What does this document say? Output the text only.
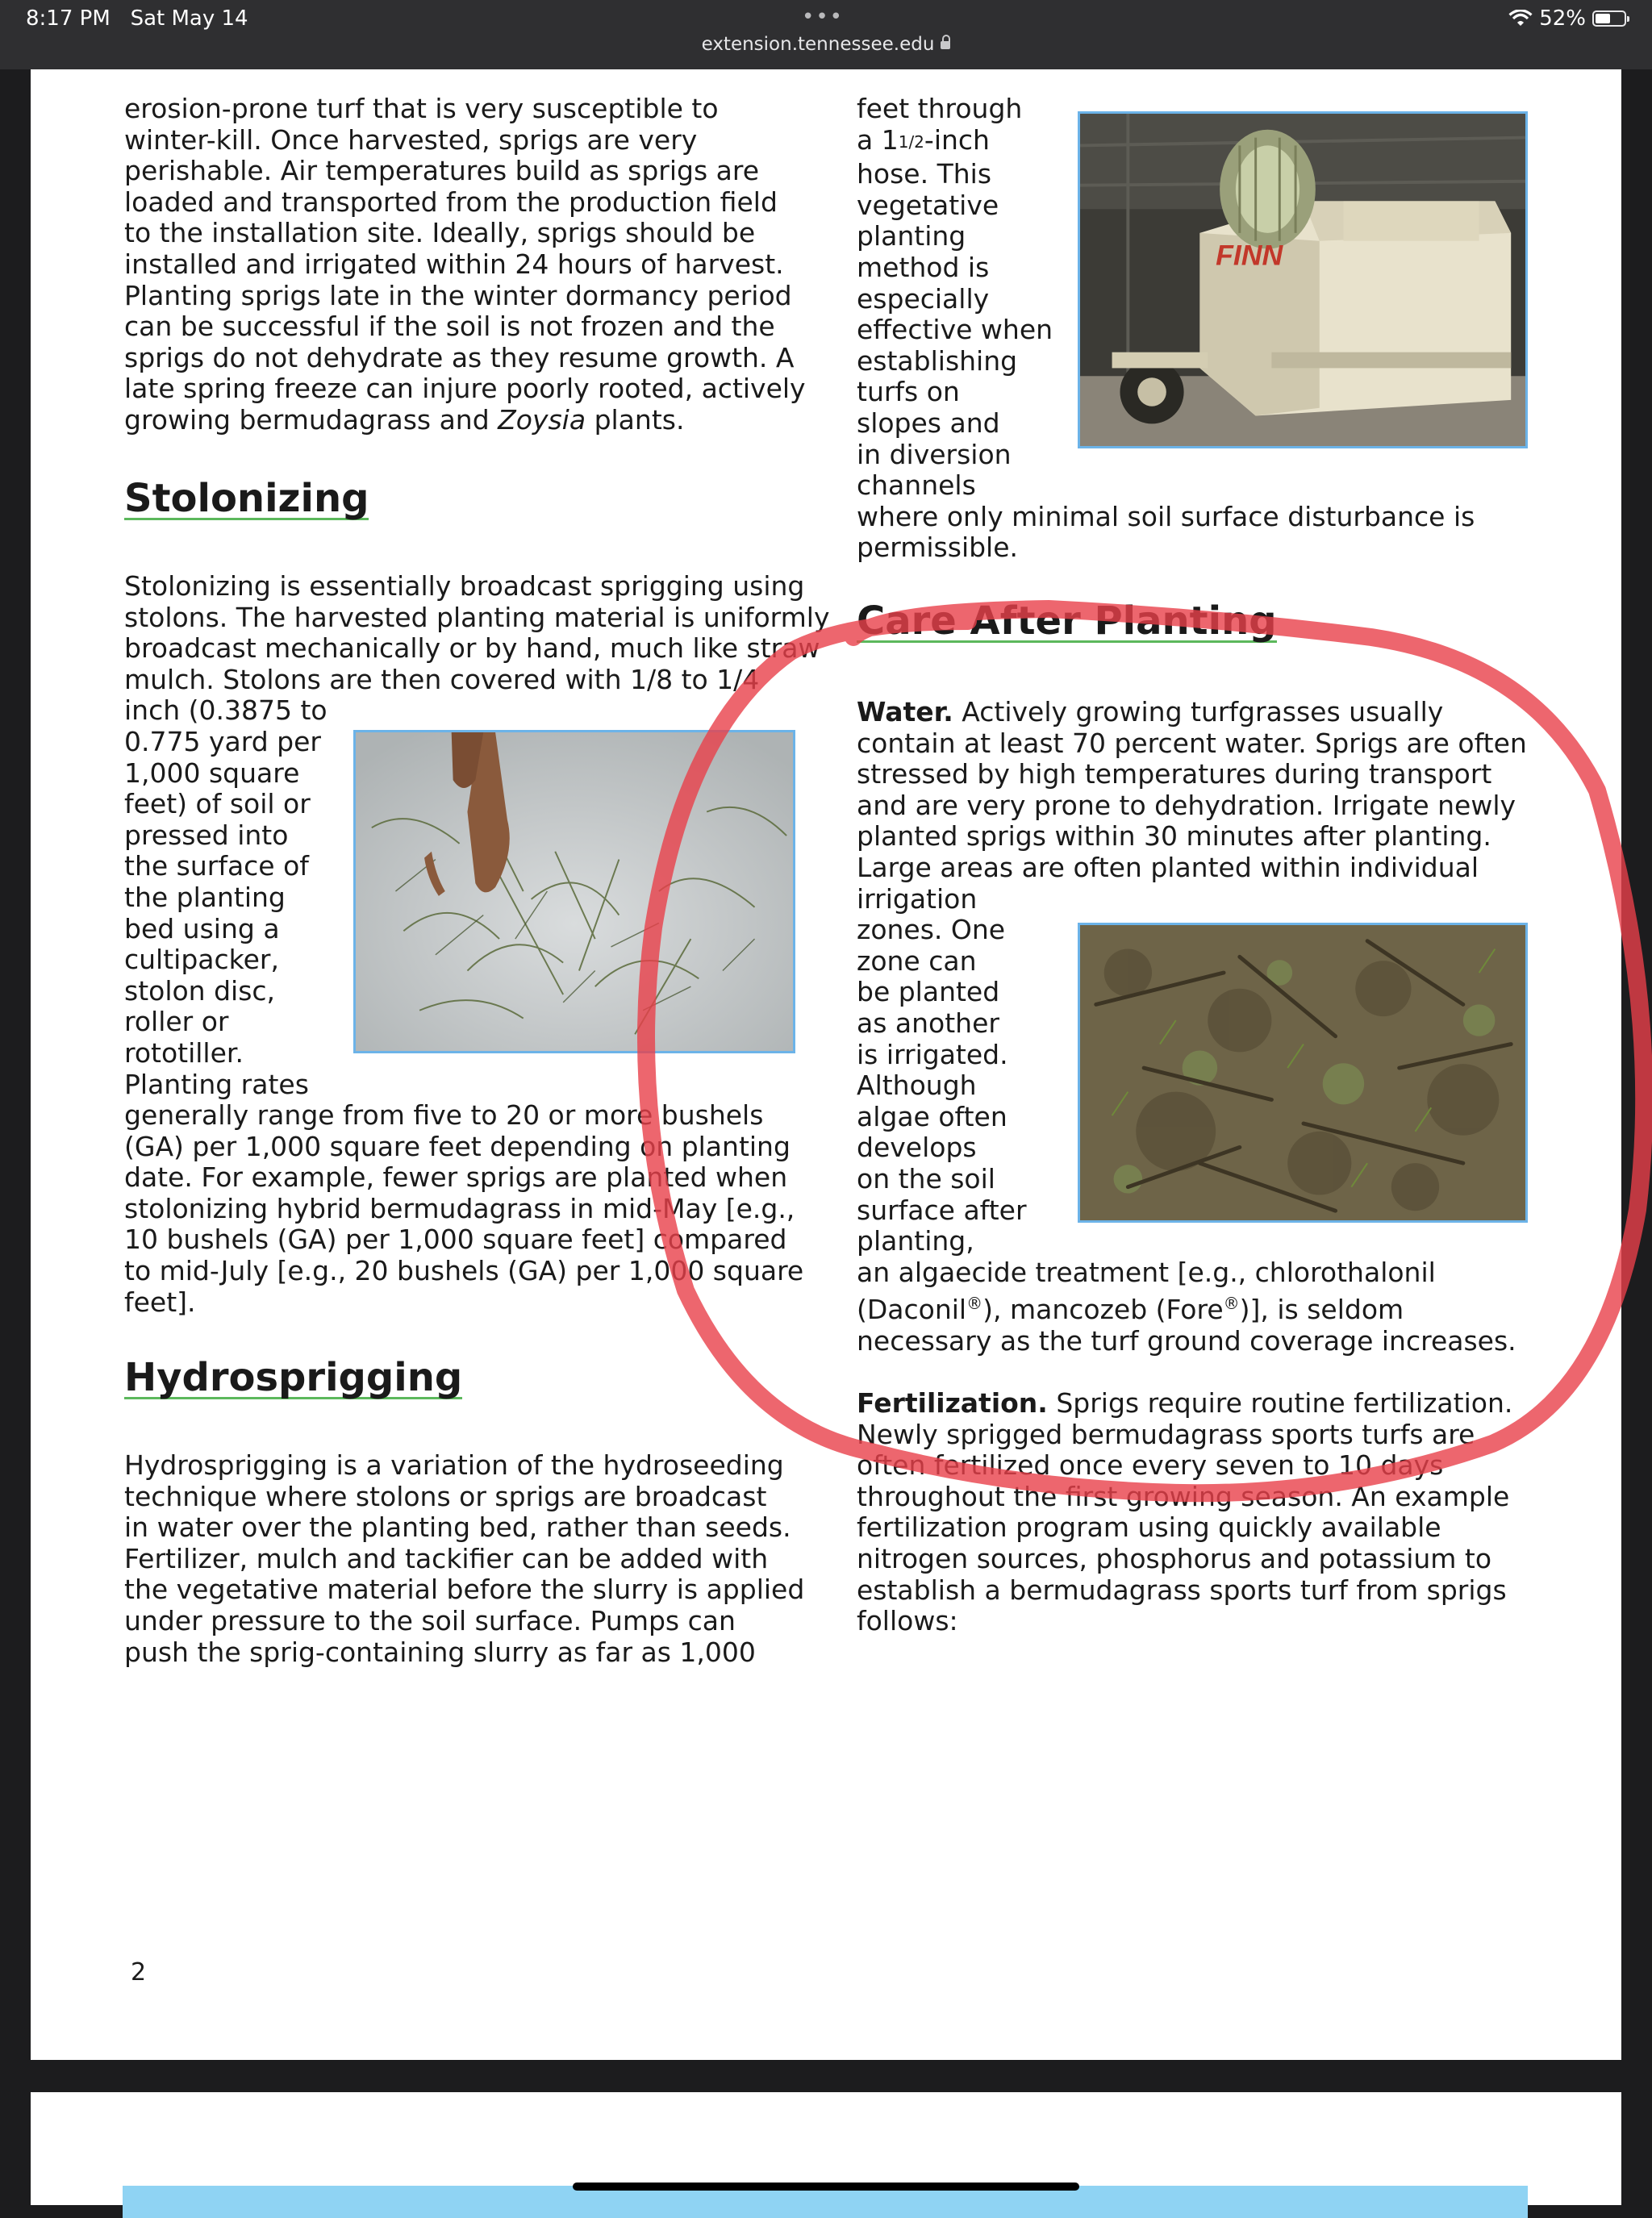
8:17 PM Sat May 14	•••
extension.tennessee.edu
52%

erosion-prone turf that is very susceptible to

winter-kill. Once harvested, sprigs are very

perishable. Air temperatures build as sprigs are

loaded and transported from the production field

to the installation site. Ideally, sprigs should be

installed and irrigated within 24 hours of harvest.

Planting sprigs late in the winter dormancy period

can be successful if the soil is not frozen and the

sprigs do not dehydrate as they resume growth. A

late spring freeze can injure poorly rooted, actively

growing bermudagrass and Zoysia plants.

Stolonizing

Stolonizing is essentially broadcast sprigging using

stolons. The harvested planting material is uniformly

broadcast mechanically or by hand, much like straw

mulch. Stolons are then covered with 1/8 to 1/4

inch (0.3875 to

0.775 yard per

1,000 square

feet) of soil or

pressed into

the surface of

the planting

bed using a

cultipacker,

stolon disc,

roller or

rototiller.

Planting rates

generally range from five to 20 or more bushels

(GA) per 1,000 square feet depending on planting

date. For example, fewer sprigs are planted when

stolonizing hybrid bermudagrass in mid-May [e.g.,

10 bushels (GA) per 1,000 square feet] compared

to mid-July [e.g., 20 bushels (GA) per 1,000 square

feet].

Hydrosprigging

Hydrosprigging is a variation of the hydroseeding

technique where stolons or sprigs are broadcast

in water over the planting bed, rather than seeds.

Fertilizer, mulch and tackifier can be added with

the vegetative material before the slurry is applied

under pressure to the soil surface. Pumps can

push the sprig-containing slurry as far as 1,000

feet through

a 11/2-inch

hose. This

vegetative

planting

method is

especially

effective when

establishing

turfs on

slopes and

in diversion

channels

where only minimal soil surface disturbance is

permissible.

FINN
Care After Planting

Water. Actively growing turfgrasses usually

contain at least 70 percent water. Sprigs are often

stressed by high temperatures during transport

and are very prone to dehydration. Irrigate newly

planted sprigs within 30 minutes after planting.

Large areas are often planted within individual

irrigation

zones. One

zone can

be planted

as another

is irrigated.

Although

algae often

develops

on the soil

surface after

planting,

an algaecide treatment [e.g., chlorothalonil

(Daconil®), mancozeb (Fore®)], is seldom

necessary as the turf ground coverage increases.

Fertilization. Sprigs require routine fertilization.

Newly sprigged bermudagrass sports turfs are

often fertilized once every seven to 10 days

throughout the first growing season. An example

fertilization program using quickly available

nitrogen sources, phosphorus and potassium to

establish a bermudagrass sports turf from sprigs

follows:

2
